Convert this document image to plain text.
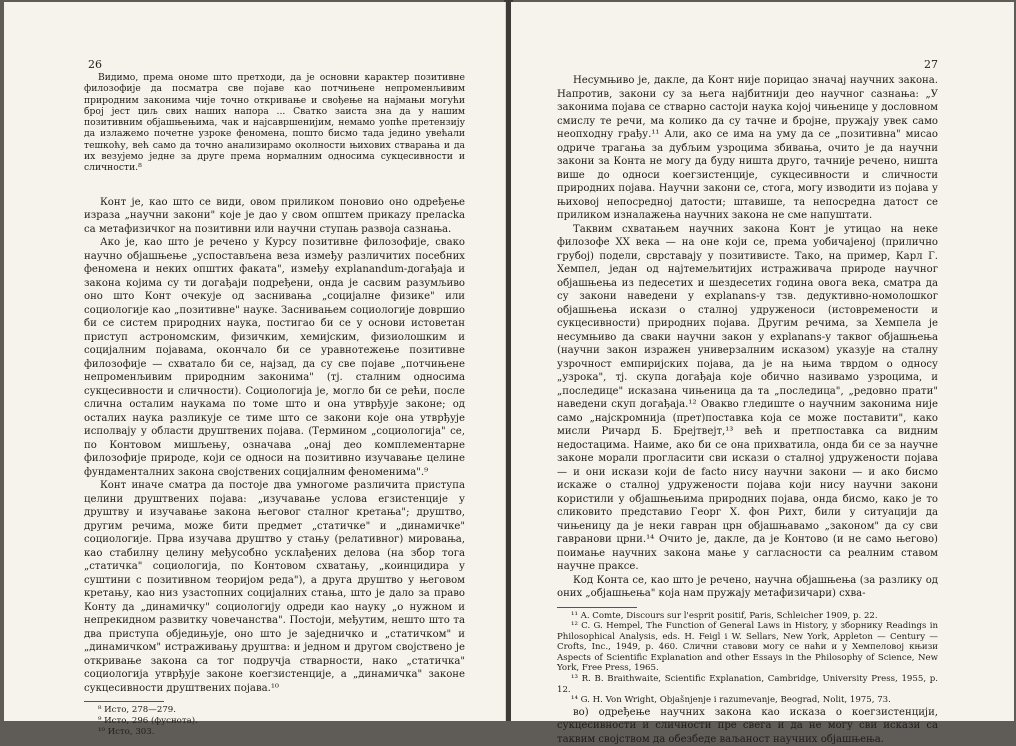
26

Видимо, према ономе што претходи, да је основни карактер позитивне филозофије да посматра све појаве као потчињене непроменљивим природним законима чије точно откривање и свођење на најмањи могући број јест циљ свих наших напора ... Сватко заиста зна да у нашим позитивним објашњењима, чак и најсавршенијим, немамо уопће претензију да излажемо почетне узроке феномена, пошто бисмо тада једино увећали тешкоћу, већ само да точно анализирамо околности њихових стварања и да их везујемо једне за друге према нормалним односима сукцесивности и сличности.⁸

Конт је, као што се види, овом приликом поновио оно одређење израза „научни закони" које је дао у свом општем прикazу прелаcka са метафизичког на позитивни или научни ступањ развоја сазнања.

Ако је, као што је речено у Курсу позитивне филозофије, свако научно објашњење „успостављена веза између различитих посебних феномена и неких општих факата", између explanandum-догађаја и закона којима су ти догађаји подређени, онда је сасвим разумљиво оно што Конт очекује од заснивања „социјалне физике" или социологије као „позитивне" науке. Заснивањем социологије довршио би се систем природних наука, постигао би се у основи истоветан приступ астрономским, физичким, хемијским, физиолошким и социјалним појавама, окончало би се уравнотежење позитивне филозофије — схватало би се, најзад, да су све појаве „потчињене непроменљивим природним законима" (тј. сталним односима сукцесивности и сличности). Социологија је, могло би се рећи, после слична осталим наукама по томе што и она утврђује законе; од осталих наука разликује се тиме што се закони које она утврђује исполвају у области друштвених појава. (Термином „социологија" се, по Контовом мишљењу, означава „онај део комплементарне филозофије природе, који се односи на позитивно изучавање целине фундаменталних закона својствених социјалним феноменима".⁹

Конт иначе сматра да постоје два умногоме различита приступа целини друштвених појава: „изучавање услова егзистенције у друштву и изучавање закона његовог сталног кретања"; друштво, другим речима, може бити предмет „статичке" и „динамичке" социологије. Прва изучава друштво у стању (релативног) мировања, као стабилну целину међусобно усклађених делова (на збор тога „статичка" социологија, по Контовом схватању, „коинцидира у суштини с позитивном теоријом реда"), а друга друштво у његовом кретању, као низ узастопних социјалних стања, што је дало за право Конту да „динамичку" социологију одреди као науку „о нужном и непрекидном развитку човечанства". Постоји, међутим, нешто што та два приступа обједињује, оно што је заједничко и „статичком" и „динамичком" истраживању друштва: и једном и другом својствено је откривање закона са тог подручја стварности, нако „статичка" социологија утврђује законе коегзистенције, а „динамичка" законе сукцесивности друштвених појава.¹⁰

⁸ Исто, 278—279.

⁹ Исто, 296 (фуснота).

¹⁰ Исто, 303.

27

Несумњиво је, дакле, да Конт није порицао значај научних закона. Напротив, закони су за њега најбитнији део научног сазнања: „У законима појава се стварно састоји наука којој чињенице у дословном смислу те речи, ма колико да су тачне и бројне, пружају увек само неопходну грађу.¹¹ Али, ако се има на уму да се „позитивна" мисао одриче трагања за дубљим узроцима збивања, очито је да научни закони за Конта не могу да буду ништа друго, тачније речено, ништа више до односи коегзистенције, сукцесивности и сличности природних појава. Научни закони се, стога, могу изводити из појава у њиховој непосредној датости; штавише, та непосредна датост се приликом изналажења научних закона не сме напуштати.

Таквим схватањем научних закона Конт је утицао на неке филозофе XX века — на оне који се, према уобичајеној (прилично грубој) подели, сврставају у позитивисте. Тако, на пример, Карл Г. Хемпел, један од најтемељитијих истраживача природе научног објашњења из педесетих и шездесетих година овога века, сматра да су закони наведени у explanans-у тзв. дедуктивно-номолошког објашњења искази о сталној удруженоси (истовремености и сукцесивности) природних појава. Другим речима, за Хемпела је несумњиво да сваки научни закон у explanans-у таквог објашњења (научни закон изражен универзалним исказом) указује на сталну узрочност емпиријских појава, да је на њима тврдом о односу „узрока", тј. скупа догађаја које обично називамо узроцима, и „последице" исказана чињеница да та „последица", „редовно прати" наведени скуп догађаја.¹² Овакво гледиште о научним законима није само „најскромнија (прет)поставка која се може поставити", како мисли Ричард Б. Брејтвејт,¹³ већ и претпоставка са видним недостацима. Наиме, ако би се она прихватила, онда би се за научне законе морали прогласити сви искази о сталној удружености појава — и они искази који de facto нису научни закони — и ако бисмо искаже о сталној удружености појава који нису научни закони користили у објашњењима природних појава, онда бисмо, како је то сликовито представио Георг Х. фон Рихт, били у ситуацији да чињеницу да је неки гавран црн објашњавамо „законом" да су сви гавранови црни.¹⁴ Очито је, дакле, да је Контово (и не само његово) поимање научних закона мање у сагласности са реалним ставом научне праксе.

Код Конта се, као што је речено, научна објашњења (за разлику од оних „објашњења" која нам пружају метафизичари) схва-

¹¹ A. Comte, Discours sur l'esprit positif, Paris, Schleicher 1909, p. 22.

¹² C. G. Hempel, The Function of General Laws in History, у зборнику Readings in Philosophical Analysis, eds. H. Feigl i W. Sellars, New York, Appleton — Century — Crofts, Inc., 1949, p. 460. Слични ставови могу се наћи и у Хемпеловој књизи Aspects of Scientific Explanation and other Essays in the Philosophy of Science, New York, Free Press, 1965.

¹³ R. B. Braithwaite, Scientific Explanation, Cambridge, University Press, 1955, p. 12.

¹⁴ G. H. Von Wright, Objašnjenje i razumevanje, Beograd, Nolit, 1975, 73.

во) одређење научних закона као исказа о коегзистенцији, сукцесивности и сличности пре свега и да не могу сви искази са таквим својством да обезбеде ваљаност научних објашњења.
